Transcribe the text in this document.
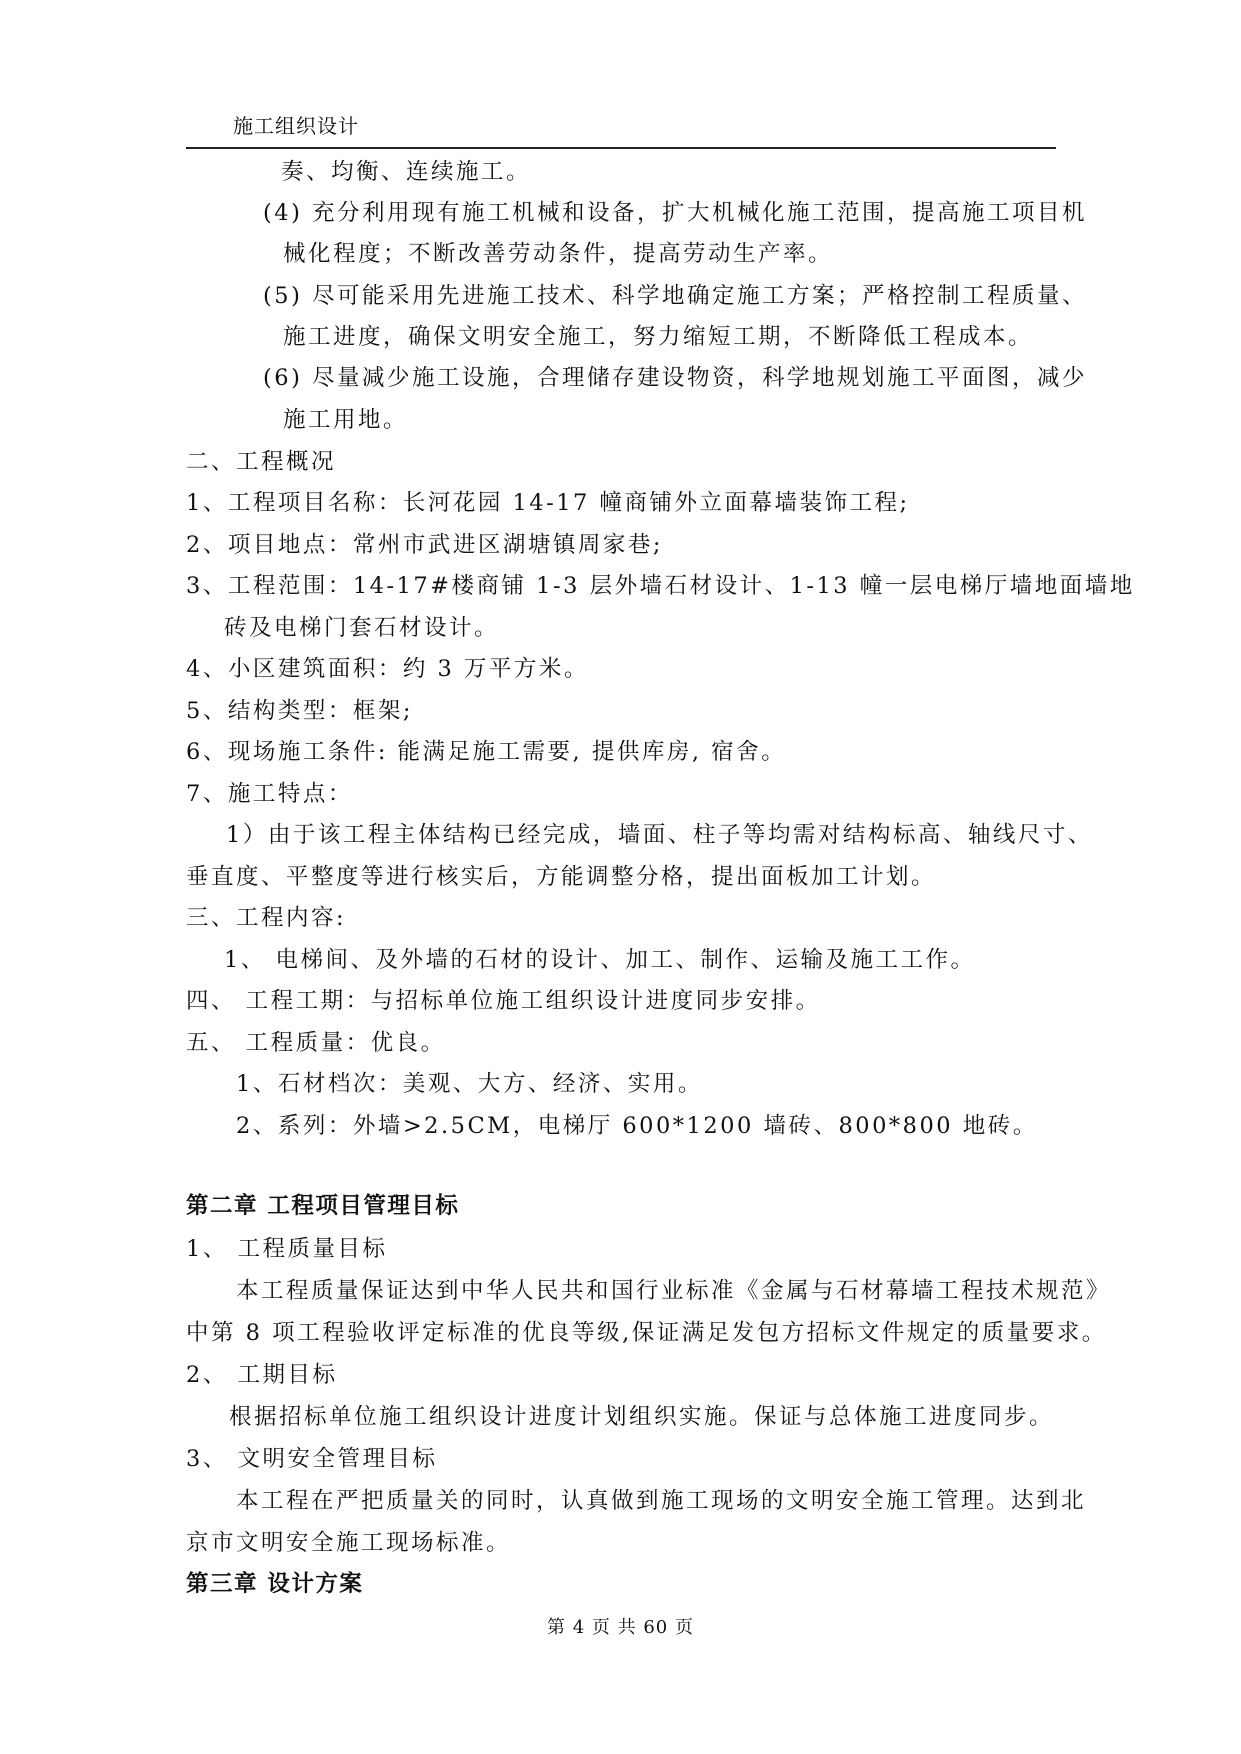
施工组织设计
奏、均衡、连续施工。
(4) 充分利用现有施工机械和设备，扩大机械化施工范围，提高施工项目机
械化程度；不断改善劳动条件，提高劳动生产率。
(5) 尽可能采用先进施工技术、科学地确定施工方案；严格控制工程质量、
施工进度，确保文明安全施工，努力缩短工期，不断降低工程成本。
(6) 尽量减少施工设施，合理储存建设物资，科学地规划施工平面图，减少
施工用地。
二、工程概况
1、工程项目名称：长河花园 14-17 幢商铺外立面幕墙装饰工程;
2、项目地点：常州市武进区湖塘镇周家巷;
3、工程范围：14-17#楼商铺 1-3 层外墙石材设计、1-13 幢一层电梯厅墙地面墙地
砖及电梯门套石材设计。
4、小区建筑面积：约 3 万平方米。
5、结构类型：框架;
6、现场施工条件: 能满足施工需要, 提供库房, 宿舍。
7、施工特点：
1）由于该工程主体结构已经完成，墙面、柱子等均需对结构标高、轴线尺寸、
垂直度、平整度等进行核实后，方能调整分格，提出面板加工计划。
三、工程内容:
1、 电梯间、及外墙的石材的设计、加工、制作、运输及施工工作。
四、 工程工期：与招标单位施工组织设计进度同步安排。
五、 工程质量：优良。
1、石材档次：美观、大方、经济、实用。
2、系列：外墙>2.5CM，电梯厅 600*1200 墙砖、800*800 地砖。
第二章 工程项目管理目标
1、 工程质量目标
本工程质量保证达到中华人民共和国行业标准《金属与石材幕墙工程技术规范》
中第 8 项工程验收评定标准的优良等级,保证满足发包方招标文件规定的质量要求。
2、 工期目标
根据招标单位施工组织设计进度计划组织实施。保证与总体施工进度同步。
3、 文明安全管理目标
本工程在严把质量关的同时，认真做到施工现场的文明安全施工管理。达到北
京市文明安全施工现场标准。
第三章 设计方案
第 4 页 共 60 页
